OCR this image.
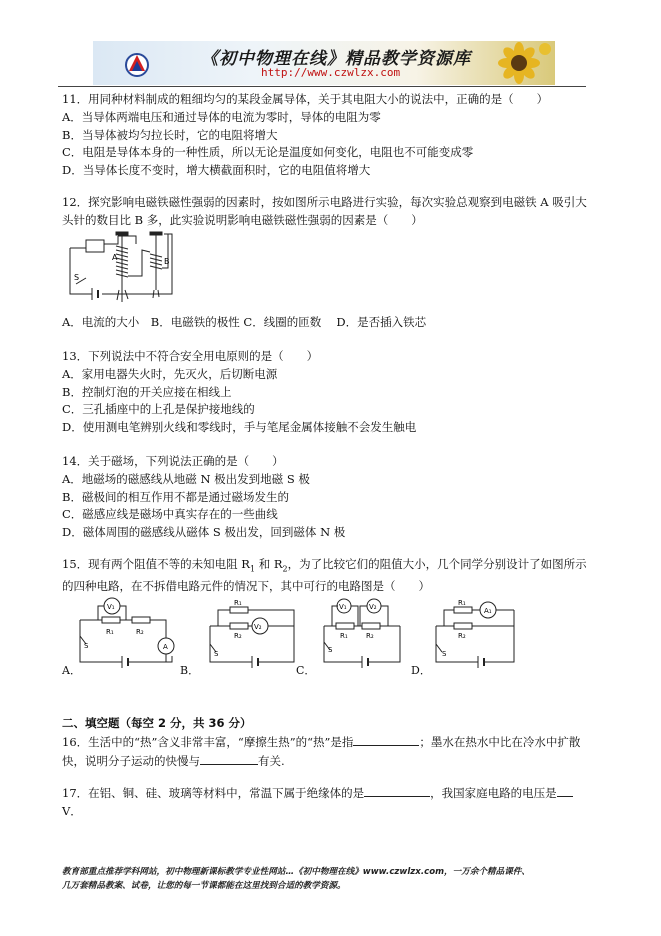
《初中物理在线》精品教学资源库
http://www.czwlzx.com

11．用同种材料制成的粗细均匀的某段金属导体，关于其电阻大小的说法中，正确的是（　　）

A．当导体两端电压和通过导体的电流为零时，导体的电阻为零

B．当导体被均匀拉长时，它的电阻将增大

C．电阻是导体本身的一种性质，所以无论是温度如何变化，电阻也不可能变成零

D．当导体长度不变时，增大横截面积时，它的电阻值将增大

12．探究影响电磁铁磁性强弱的因素时，按如图所示电路进行实验，每次实验总观察到电磁铁 A 吸引大头针的数目比 B 多，此实验说明影响电磁铁磁性强弱的因素是（　　）

A	B
S

A．电流的大小　B．电磁铁的极性 C．线圈的匝数　 D．是否插入铁芯

13．下列说法中不符合安全用电原则的是（　　）

A．家用电器失火时，先灭火，后切断电源

B．控制灯泡的开关应接在相线上

C．三孔插座中的上孔是保护接地线的

D．使用测电笔辨别火线和零线时，手与笔尾金属体接触不会发生触电

14．关于磁场，下列说法正确的是（　　）

A．地磁场的磁感线从地磁 N 极出发到地磁 S 极

B．磁极间的相互作用不都是通过磁场发生的

C．磁感应线是磁场中真实存在的一些曲线

D．磁体周围的磁感线从磁体 S 极出发，回到磁体 N 极

15．现有两个阻值不等的未知电阻 $R_1$ 和 $R_2$，为了比较它们的阻值大小，几个同学分别设计了如图所示

的四种电路，在不拆借电路元件的情况下，其中可行的电路图是（　　）

V₁
R₁	R₂
A
S
R₁
R₂
V₂
S
V₁	V₂
R₁	R₂
S
R₁
R₂
A₁
S
A．	B．	C．	D．
二、填空题（每空 2 分，共 36 分）

16．生活中的“热”含义非常丰富，“摩擦生热”的“热”是指	；墨水在热水中比在冷水中扩散

快，说明分子运动的快慢与	有关.

17．在铝、铜、硅、玻璃等材料中，常温下属于绝缘体的是	，我国家庭电路的电压是

V．

教育部重点推荐学科网站，初中物理新课标教学专业性网站…《初中物理在线》www.czwlzx.com，一万余个精品课件、

几万套精品教案、试卷，让您的每一节课都能在这里找到合适的教学资源。
